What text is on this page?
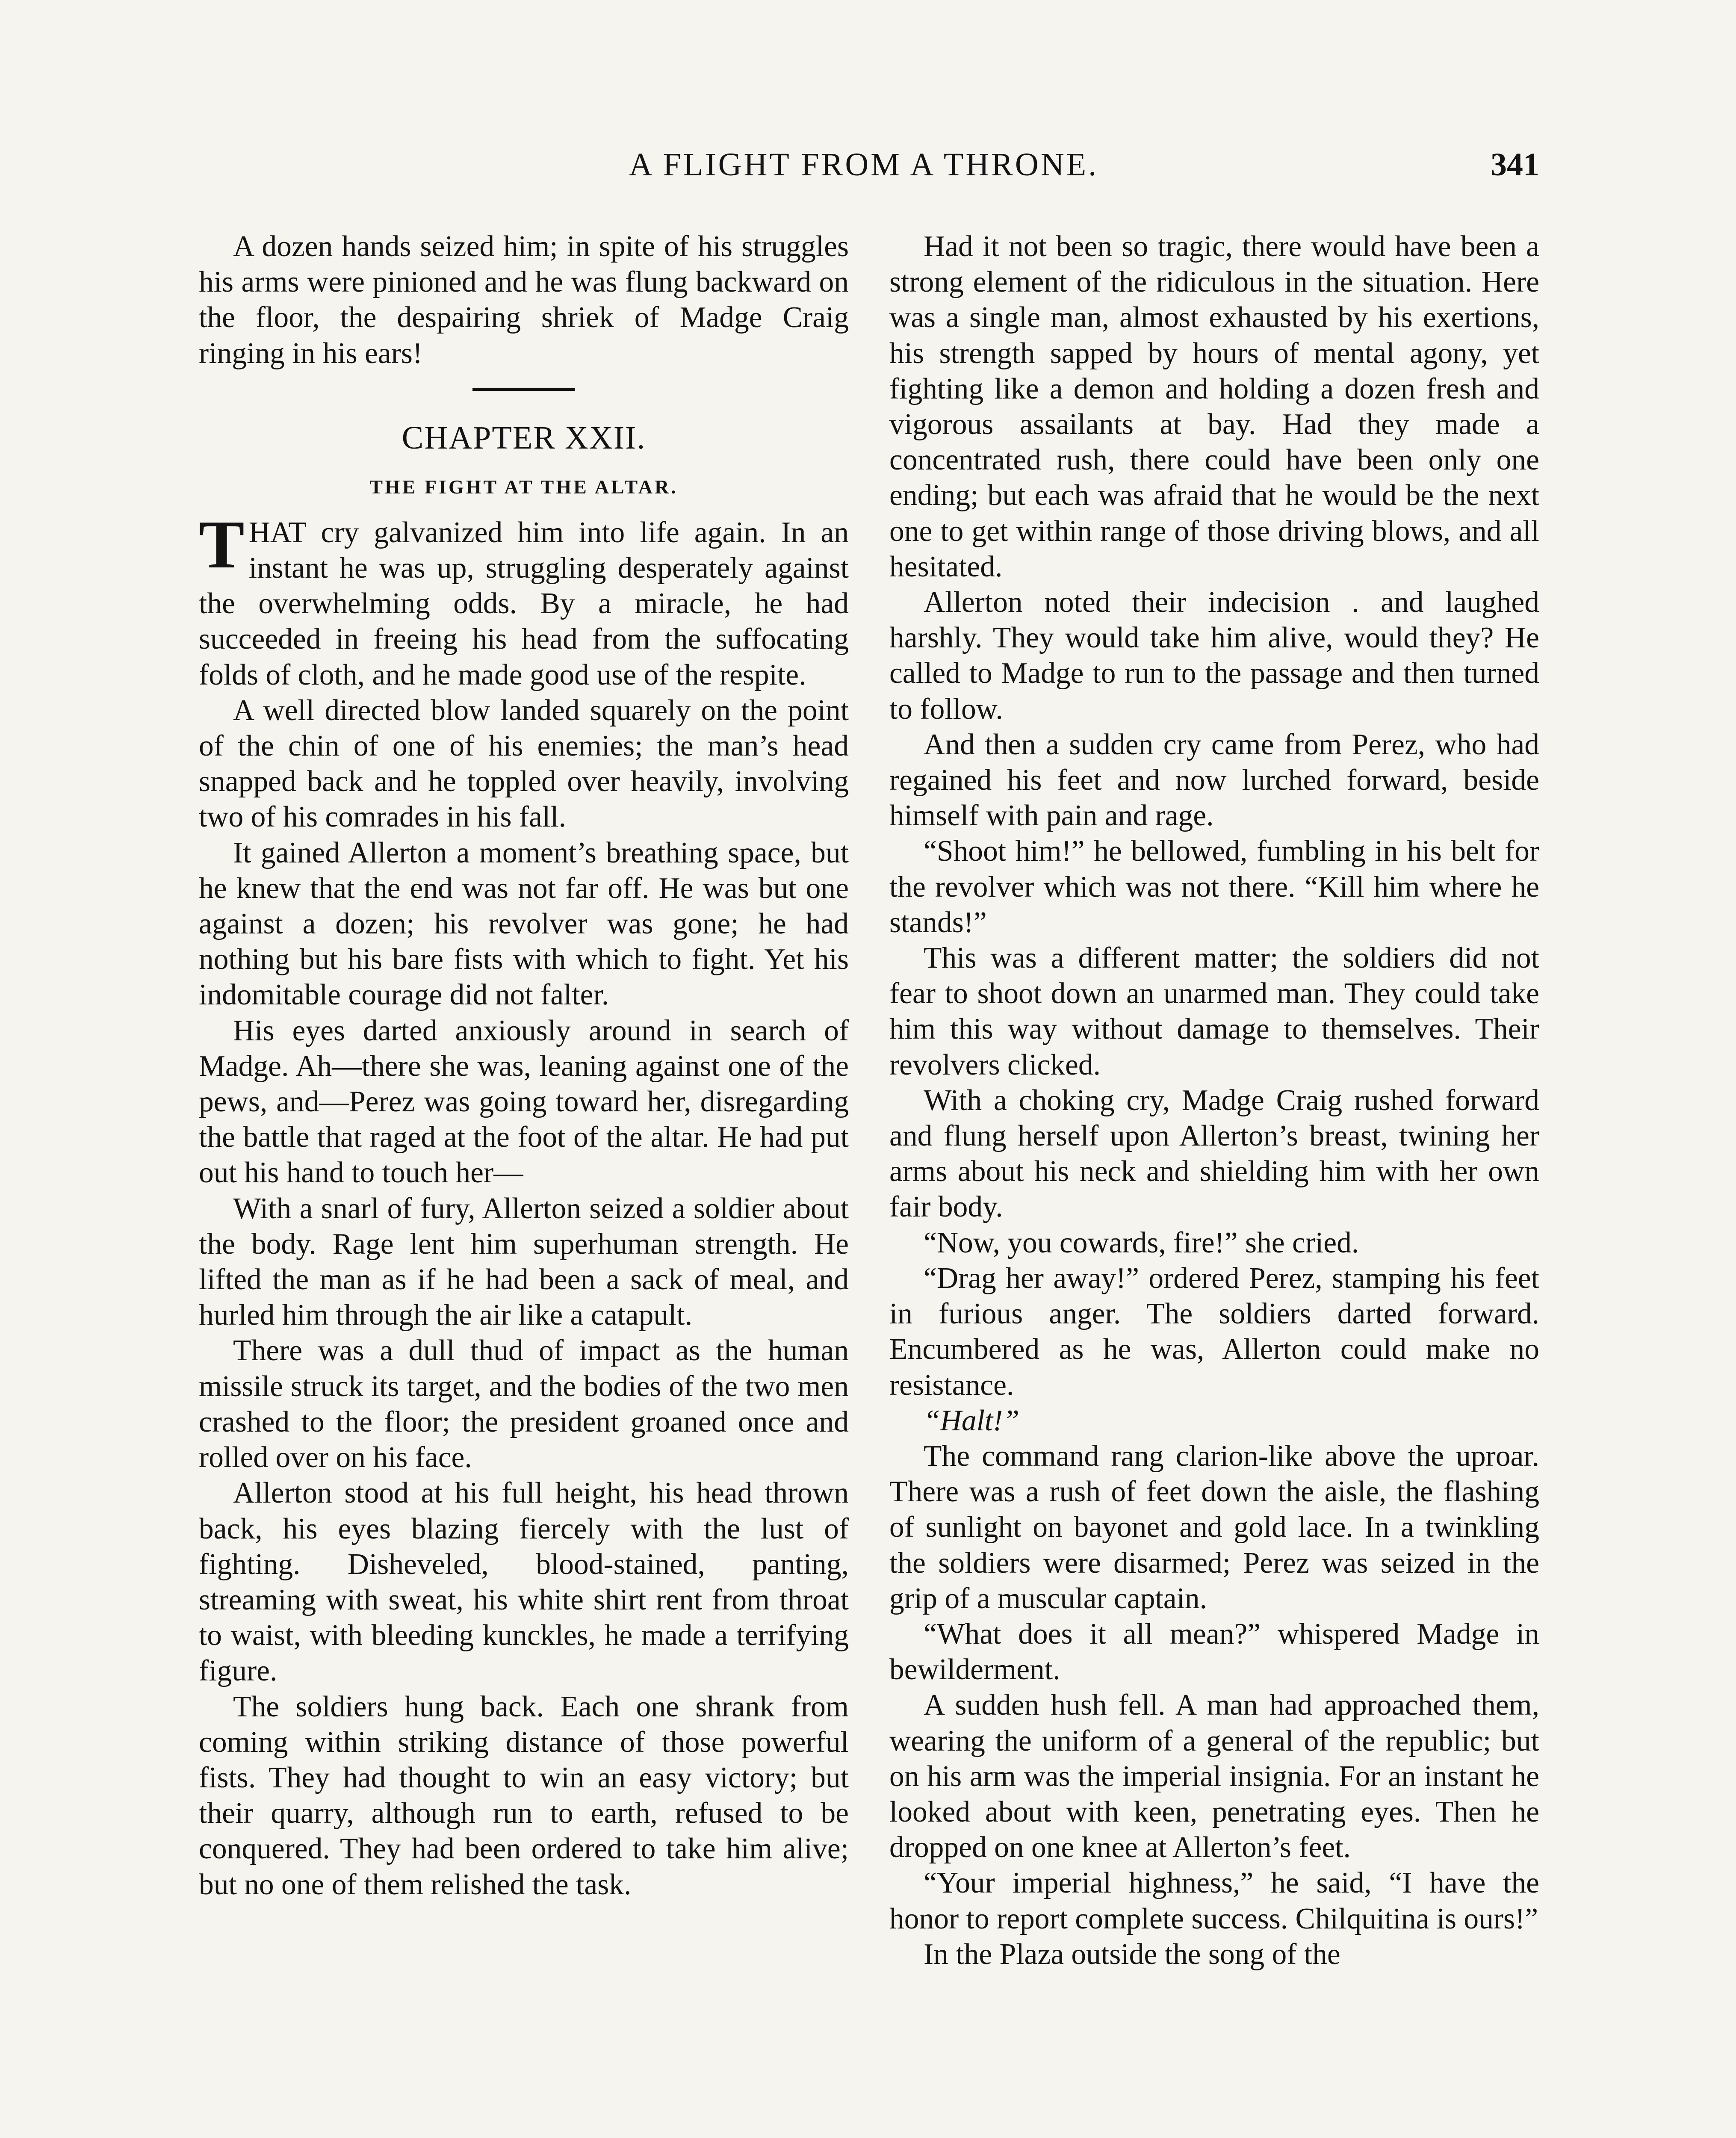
A FLIGHT FROM A THRONE.	341

A dozen hands seized him; in spite of his struggles his arms were pinioned and he was flung backward on the floor, the despairing shriek of Madge Craig ringing in his ears!

CHAPTER XXII.
THE FIGHT AT THE ALTAR.

THAT cry galvanized him into life again. In an instant he was up, struggling desperately against the overwhelming odds. By a miracle, he had succeeded in freeing his head from the suffocating folds of cloth, and he made good use of the respite.

A well directed blow landed squarely on the point of the chin of one of his enemies; the man’s head snapped back and he toppled over heavily, involving two of his comrades in his fall.

It gained Allerton a moment’s breathing space, but he knew that the end was not far off. He was but one against a dozen; his revolver was gone; he had nothing but his bare fists with which to fight. Yet his indomitable courage did not falter.

His eyes darted anxiously around in search of Madge. Ah—there she was, leaning against one of the pews, and—Perez was going toward her, disregarding the battle that raged at the foot of the altar. He had put out his hand to touch her—

With a snarl of fury, Allerton seized a soldier about the body. Rage lent him superhuman strength. He lifted the man as if he had been a sack of meal, and hurled him through the air like a catapult.

There was a dull thud of impact as the human missile struck its target, and the bodies of the two men crashed to the floor; the president groaned once and rolled over on his face.

Allerton stood at his full height, his head thrown back, his eyes blazing fiercely with the lust of fighting. Disheveled, blood-stained, panting, streaming with sweat, his white shirt rent from throat to waist, with bleeding kunckles, he made a terrifying figure.

The soldiers hung back. Each one shrank from coming within striking distance of those powerful fists. They had thought to win an easy victory; but their quarry, although run to earth, refused to be conquered. They had been ordered to take him alive; but no one of them relished the task.

Had it not been so tragic, there would have been a strong element of the ridiculous in the situation. Here was a single man, almost exhausted by his exertions, his strength sapped by hours of mental agony, yet fighting like a demon and holding a dozen fresh and vigorous assailants at bay. Had they made a concentrated rush, there could have been only one ending; but each was afraid that he would be the next one to get within range of those driving blows, and all hesitated.

Allerton noted their indecision . and laughed harshly. They would take him alive, would they? He called to Madge to run to the passage and then turned to follow.

And then a sudden cry came from Perez, who had regained his feet and now lurched forward, beside himself with pain and rage.

“Shoot him!” he bellowed, fumbling in his belt for the revolver which was not there. “Kill him where he stands!”

This was a different matter; the soldiers did not fear to shoot down an unarmed man. They could take him this way without damage to themselves. Their revolvers clicked.

With a choking cry, Madge Craig rushed forward and flung herself upon Allerton’s breast, twining her arms about his neck and shielding him with her own fair body.

“Now, you cowards, fire!” she cried.

“Drag her away!” ordered Perez, stamping his feet in furious anger. The soldiers darted forward. Encumbered as he was, Allerton could make no resistance.

“Halt!”

The command rang clarion-like above the uproar. There was a rush of feet down the aisle, the flashing of sunlight on bayonet and gold lace. In a twinkling the soldiers were disarmed; Perez was seized in the grip of a muscular captain.

“What does it all mean?” whispered Madge in bewilderment.

A sudden hush fell. A man had approached them, wearing the uniform of a general of the republic; but on his arm was the imperial insignia. For an instant he looked about with keen, penetrating eyes. Then he dropped on one knee at Allerton’s feet.

“Your imperial highness,” he said, “I have the honor to report complete success. Chilquitina is ours!”

In the Plaza outside the song of the
